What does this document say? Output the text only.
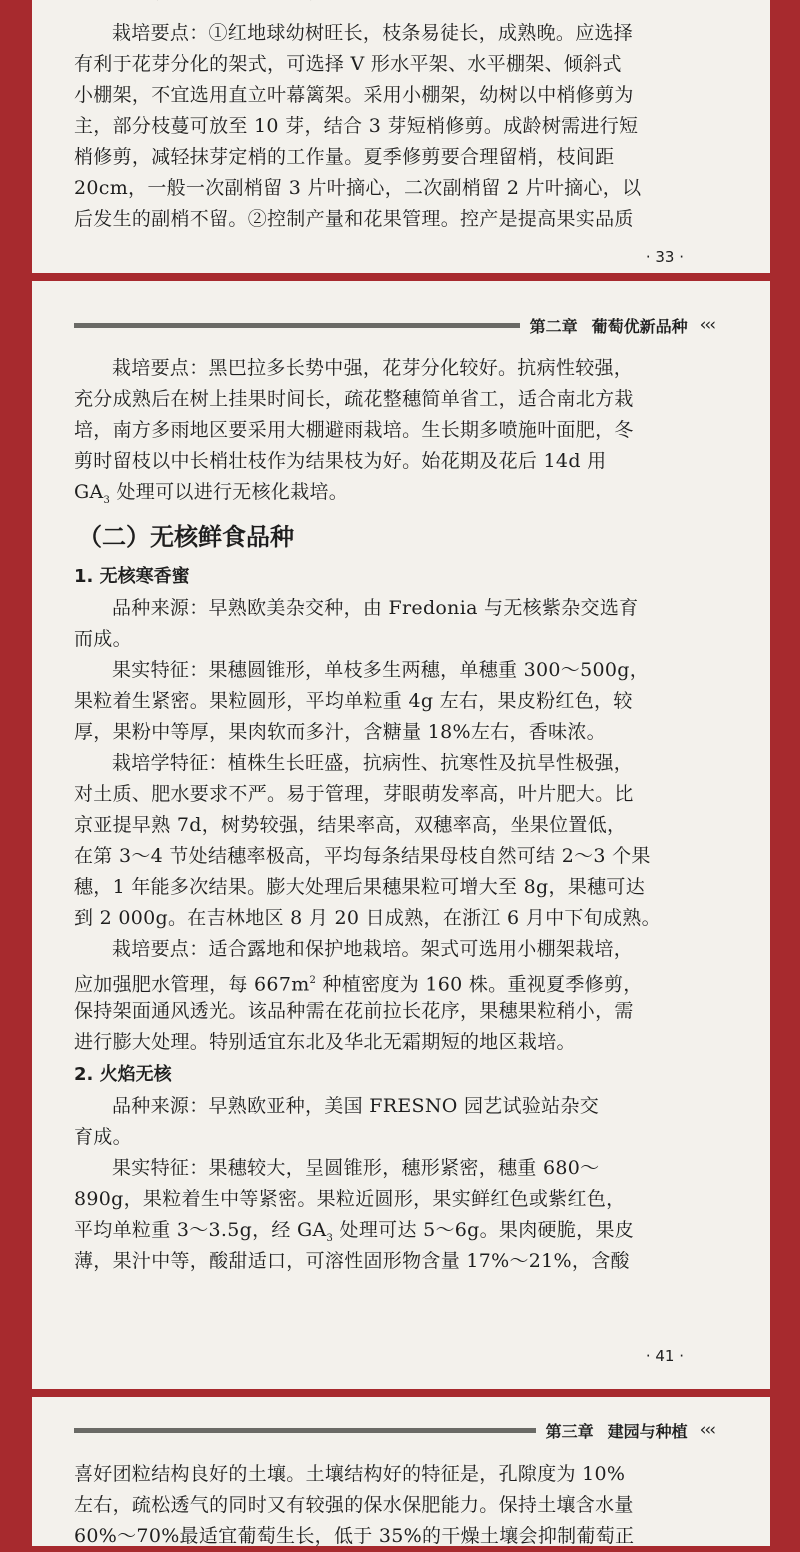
栽培要点：①红地球幼树旺长，枝条易徒长，成熟晚。应选择
有利于花芽分化的架式，可选择 V 形水平架、水平棚架、倾斜式
小棚架，不宜选用直立叶幕篱架。采用小棚架，幼树以中梢修剪为
主，部分枝蔓可放至 10 芽，结合 3 芽短梢修剪。成龄树需进行短
梢修剪，减轻抹芽定梢的工作量。夏季修剪要合理留梢，枝间距
20cm，一般一次副梢留 3 片叶摘心，二次副梢留 2 片叶摘心，以
后发生的副梢不留。②控制产量和花果管理。控产是提高果实品质
· 33 ·
第二章 葡萄优新品种 ‹‹‹
栽培要点：黑巴拉多长势中强，花芽分化较好。抗病性较强，
充分成熟后在树上挂果时间长，疏花整穗简单省工，适合南北方栽
培，南方多雨地区要采用大棚避雨栽培。生长期多喷施叶面肥，冬
剪时留枝以中长梢壮枝作为结果枝为好。始花期及花后 14d 用
$GA_3$ 处理可以进行无核化栽培。
（二）无核鲜食品种
1. 无核寒香蜜
品种来源：早熟欧美杂交种，由 Fredonia 与无核紫杂交选育
而成。
果实特征：果穗圆锥形，单枝多生两穗，单穗重 300～500g，
果粒着生紧密。果粒圆形，平均单粒重 4g 左右，果皮粉红色，较
厚，果粉中等厚，果肉软而多汁，含糖量 18%左右，香味浓。
栽培学特征：植株生长旺盛，抗病性、抗寒性及抗旱性极强，
对土质、肥水要求不严。易于管理，芽眼萌发率高，叶片肥大。比
京亚提早熟 7d，树势较强，结果率高，双穗率高，坐果位置低，
在第 3～4 节处结穗率极高，平均每条结果母枝自然可结 2～3 个果
穗，1 年能多次结果。膨大处理后果穗果粒可增大至 8g，果穗可达
到 2 000g。在吉林地区 8 月 20 日成熟，在浙江 6 月中下旬成熟。
栽培要点：适合露地和保护地栽培。架式可选用小棚架栽培，
应加强肥水管理，每 $667m^2$ 种植密度为 160 株。重视夏季修剪，
保持架面通风透光。该品种需在花前拉长花序，果穗果粒稍小，需
进行膨大处理。特别适宜东北及华北无霜期短的地区栽培。
2. 火焰无核
品种来源：早熟欧亚种，美国 FRESNO 园艺试验站杂交
育成。
果实特征：果穗较大，呈圆锥形，穗形紧密，穗重 680～
890g，果粒着生中等紧密。果粒近圆形，果实鲜红色或紫红色，
平均单粒重 3～3.5g，经 $GA_3$ 处理可达 5～6g。果肉硬脆，果皮
薄，果汁中等，酸甜适口，可溶性固形物含量 17%～21%，含酸
· 41 ·
第三章 建园与种植 ‹‹‹
喜好团粒结构良好的土壤。土壤结构好的特征是，孔隙度为 10%
左右，疏松透气的同时又有较强的保水保肥能力。保持土壤含水量
60%～70%最适宜葡萄生长，低于 35%的干燥土壤会抑制葡萄正
